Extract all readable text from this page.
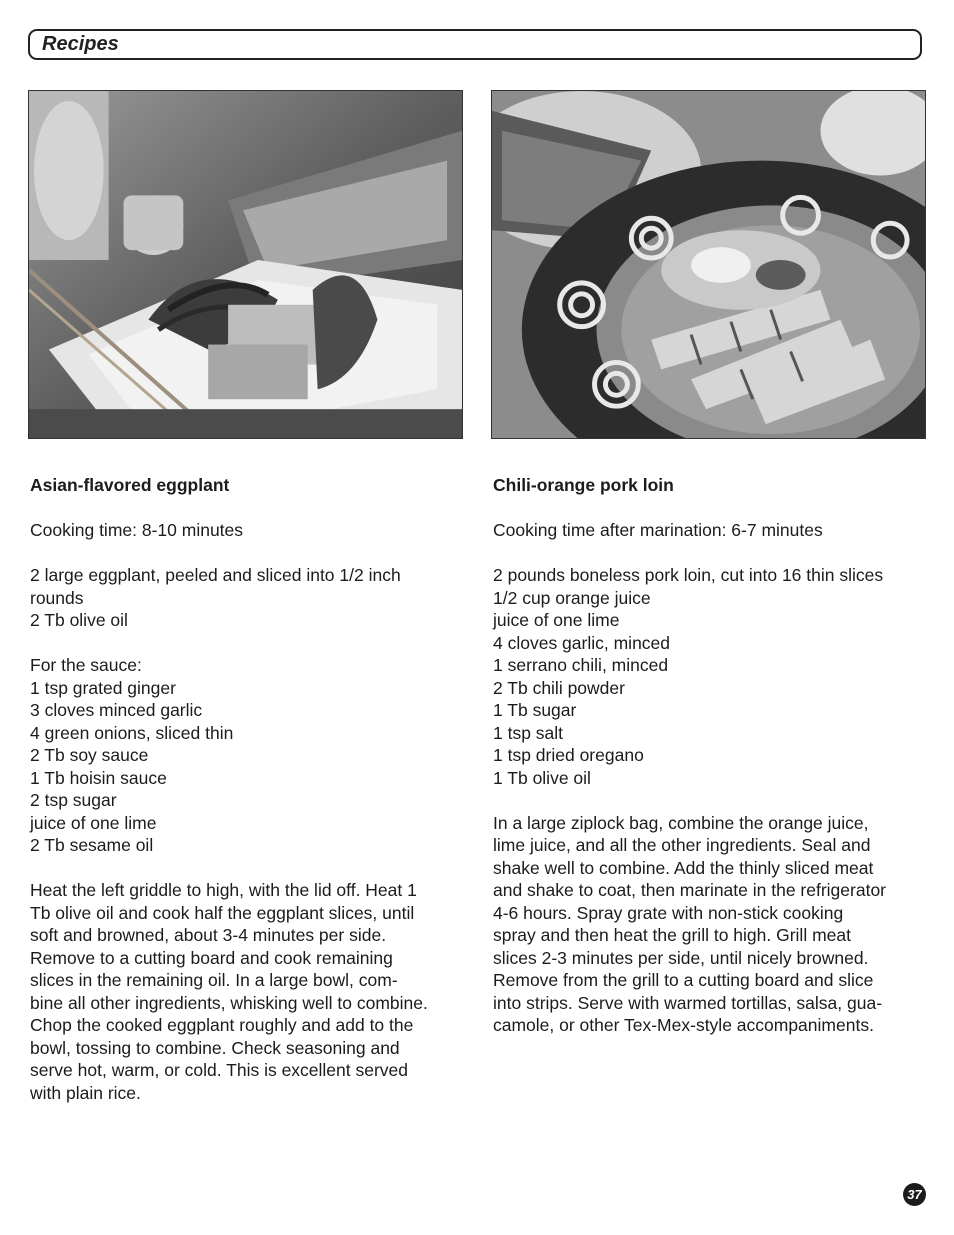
Recipes

Asian-flavored eggplant

Cooking time: 8-10 minutes

2 large eggplant, peeled and sliced into 1/2 inch

rounds

2 Tb olive oil

For the sauce:

1 tsp grated ginger

3 cloves minced garlic

4 green onions, sliced thin

2 Tb soy sauce

1 Tb hoisin sauce

2 tsp sugar

juice of one lime

2 Tb sesame oil

Heat the left griddle to high, with the lid off. Heat 1

Tb olive oil and cook half the eggplant slices, until

soft and browned, about 3-4 minutes per side.

Remove to a cutting board and cook remaining

slices in the remaining oil. In a large bowl, com-

bine all other ingredients, whisking well to combine.

Chop the cooked eggplant roughly and add to the

bowl, tossing to combine. Check seasoning and

serve hot, warm, or cold. This is excellent served

with plain rice.

Chili-orange pork loin

Cooking time after marination: 6-7 minutes

2 pounds boneless pork loin, cut into 16 thin slices

1/2 cup orange juice

juice of one lime

4 cloves garlic, minced

1 serrano chili, minced

2 Tb chili powder

1 Tb sugar

1 tsp salt

1 tsp dried oregano

1 Tb olive oil

In a large ziplock bag, combine the orange juice,

lime juice, and all the other ingredients. Seal and

shake well to combine. Add the thinly sliced meat

and shake to coat, then marinate in the refrigerator

4-6 hours. Spray grate with non-stick cooking

spray and then heat the grill to high. Grill meat

slices 2-3 minutes per side, until nicely browned.

Remove from the grill to a cutting board and slice

into strips. Serve with warmed tortillas, salsa, gua-

camole, or other Tex-Mex-style accompaniments.

37
